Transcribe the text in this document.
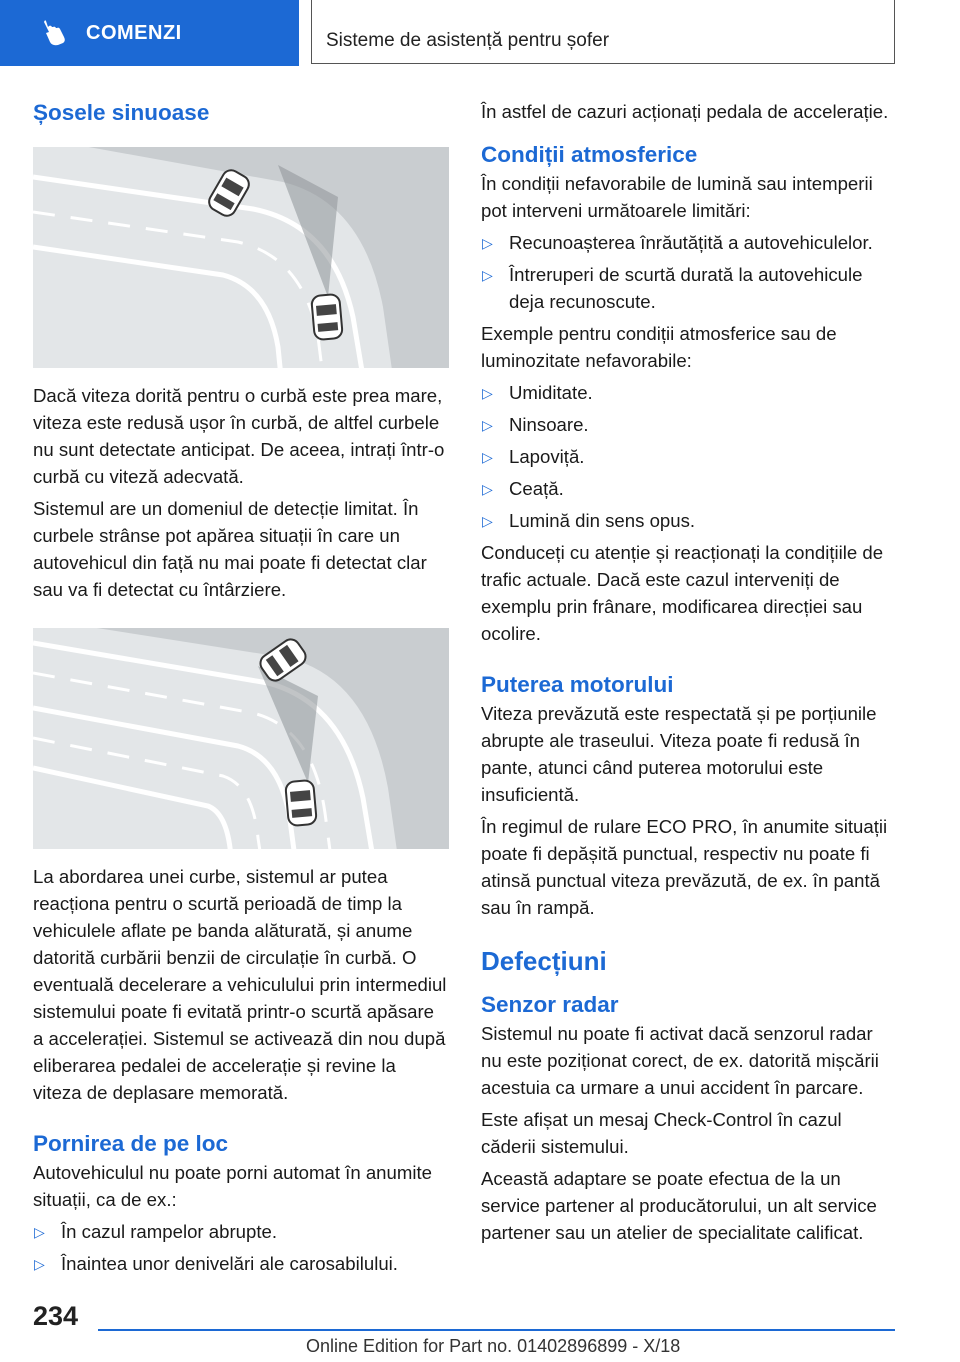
COMENZI	Sisteme de asistență pentru șofer
Șosele sinuoase

Dacă viteza dorită pentru o curbă este prea mare, viteza este redusă ușor în curbă, de altfel curbele nu sunt detectate anticipat. De aceea, intrați într-o curbă cu viteză adecvată.

Sistemul are un domeniul de detecție limitat. În curbele strânse pot apărea situații în care un autovehicul din față nu mai poate fi detectat clar sau va fi detectat cu întârziere.

La abordarea unei curbe, sistemul ar putea reacționa pentru o scurtă perioadă de timp la vehiculele aflate pe banda alăturată, și anume datorită curbării benzii de circulație în curbă. O eventuală decelerare a vehiculului prin intermediul sistemului poate fi evitată printr-o scurtă apăsare a accelerației. Sistemul se activează din nou după eliberarea pedalei de accelerație și revine la viteza de deplasare memorată.

Pornirea de pe loc

Autovehiculul nu poate porni automat în anumite situații, ca de ex.:

▷ În cazul rampelor abrupte.
▷ Înaintea unor denivelări ale carosabilului.

În astfel de cazuri acționați pedala de accelerație.

Condiții atmosferice

În condiții nefavorabile de lumină sau intemperii pot interveni următoarele limitări:

▷ Recunoașterea înrăutățită a autovehiculelor.
▷ Întreruperi de scurtă durată la autovehicule deja recunoscute.

Exemple pentru condiții atmosferice sau de luminozitate nefavorabile:

▷ Umiditate.
▷ Ninsoare.
▷ Lapoviță.
▷ Ceață.
▷ Lumină din sens opus.

Conduceți cu atenție și reacționați la condițiile de trafic actuale. Dacă este cazul interveniți de exemplu prin frânare, modificarea direcției sau ocolire.

Puterea motorului

Viteza prevăzută este respectată și pe porțiunile abrupte ale traseului. Viteza poate fi redusă în pante, atunci când puterea motorului este insuficientă.

În regimul de rulare ECO PRO, în anumite situații poate fi depășită punctual, respectiv nu poate fi atinsă punctual viteza prevăzută, de ex. în pantă sau în rampă.

Defecțiuni
Senzor radar

Sistemul nu poate fi activat dacă senzorul radar nu este poziționat corect, de ex. datorită mișcării acestuia ca urmare a unui accident în parcare.

Este afișat un mesaj Check-Control în cazul căderii sistemului.

Această adaptare se poate efectua de la un service partener al producătorului, un alt service partener sau un atelier de specialitate calificat.

234
Online Edition for Part no. 01402896899 - X/18
